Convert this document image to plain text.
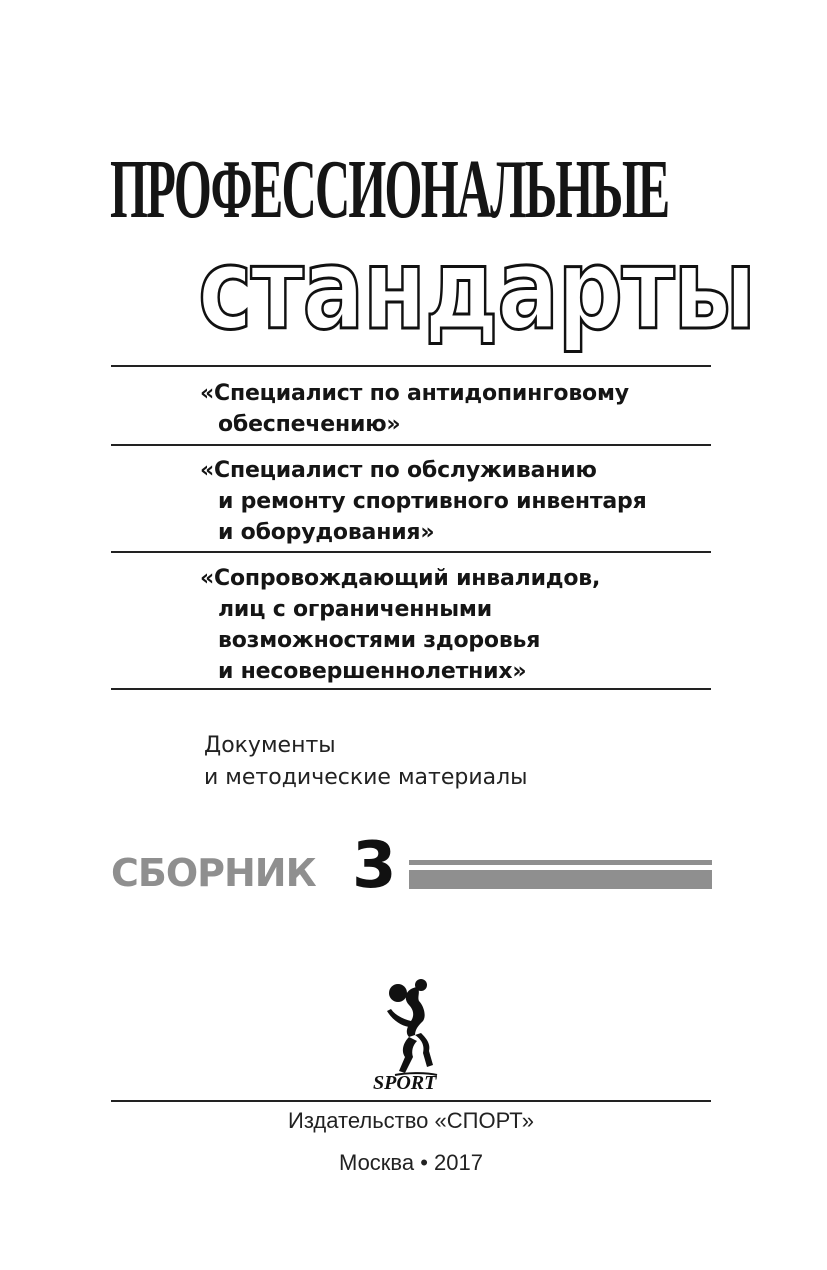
ПРОФЕССИОНАЛЬНЫЕ
стандарты
«Специалист по антидопинговому
обеспечению»
«Специалист по обслуживанию
и ремонту спортивного инвентаря
и оборудования»
«Сопровождающий инвалидов,
лиц с ограниченными
возможностями здоровья
и несовершеннолетних»
Документы
и методические материалы
СБОРНИК 3
SPORT
Издательство «СПОРТ»
Москва • 2017
